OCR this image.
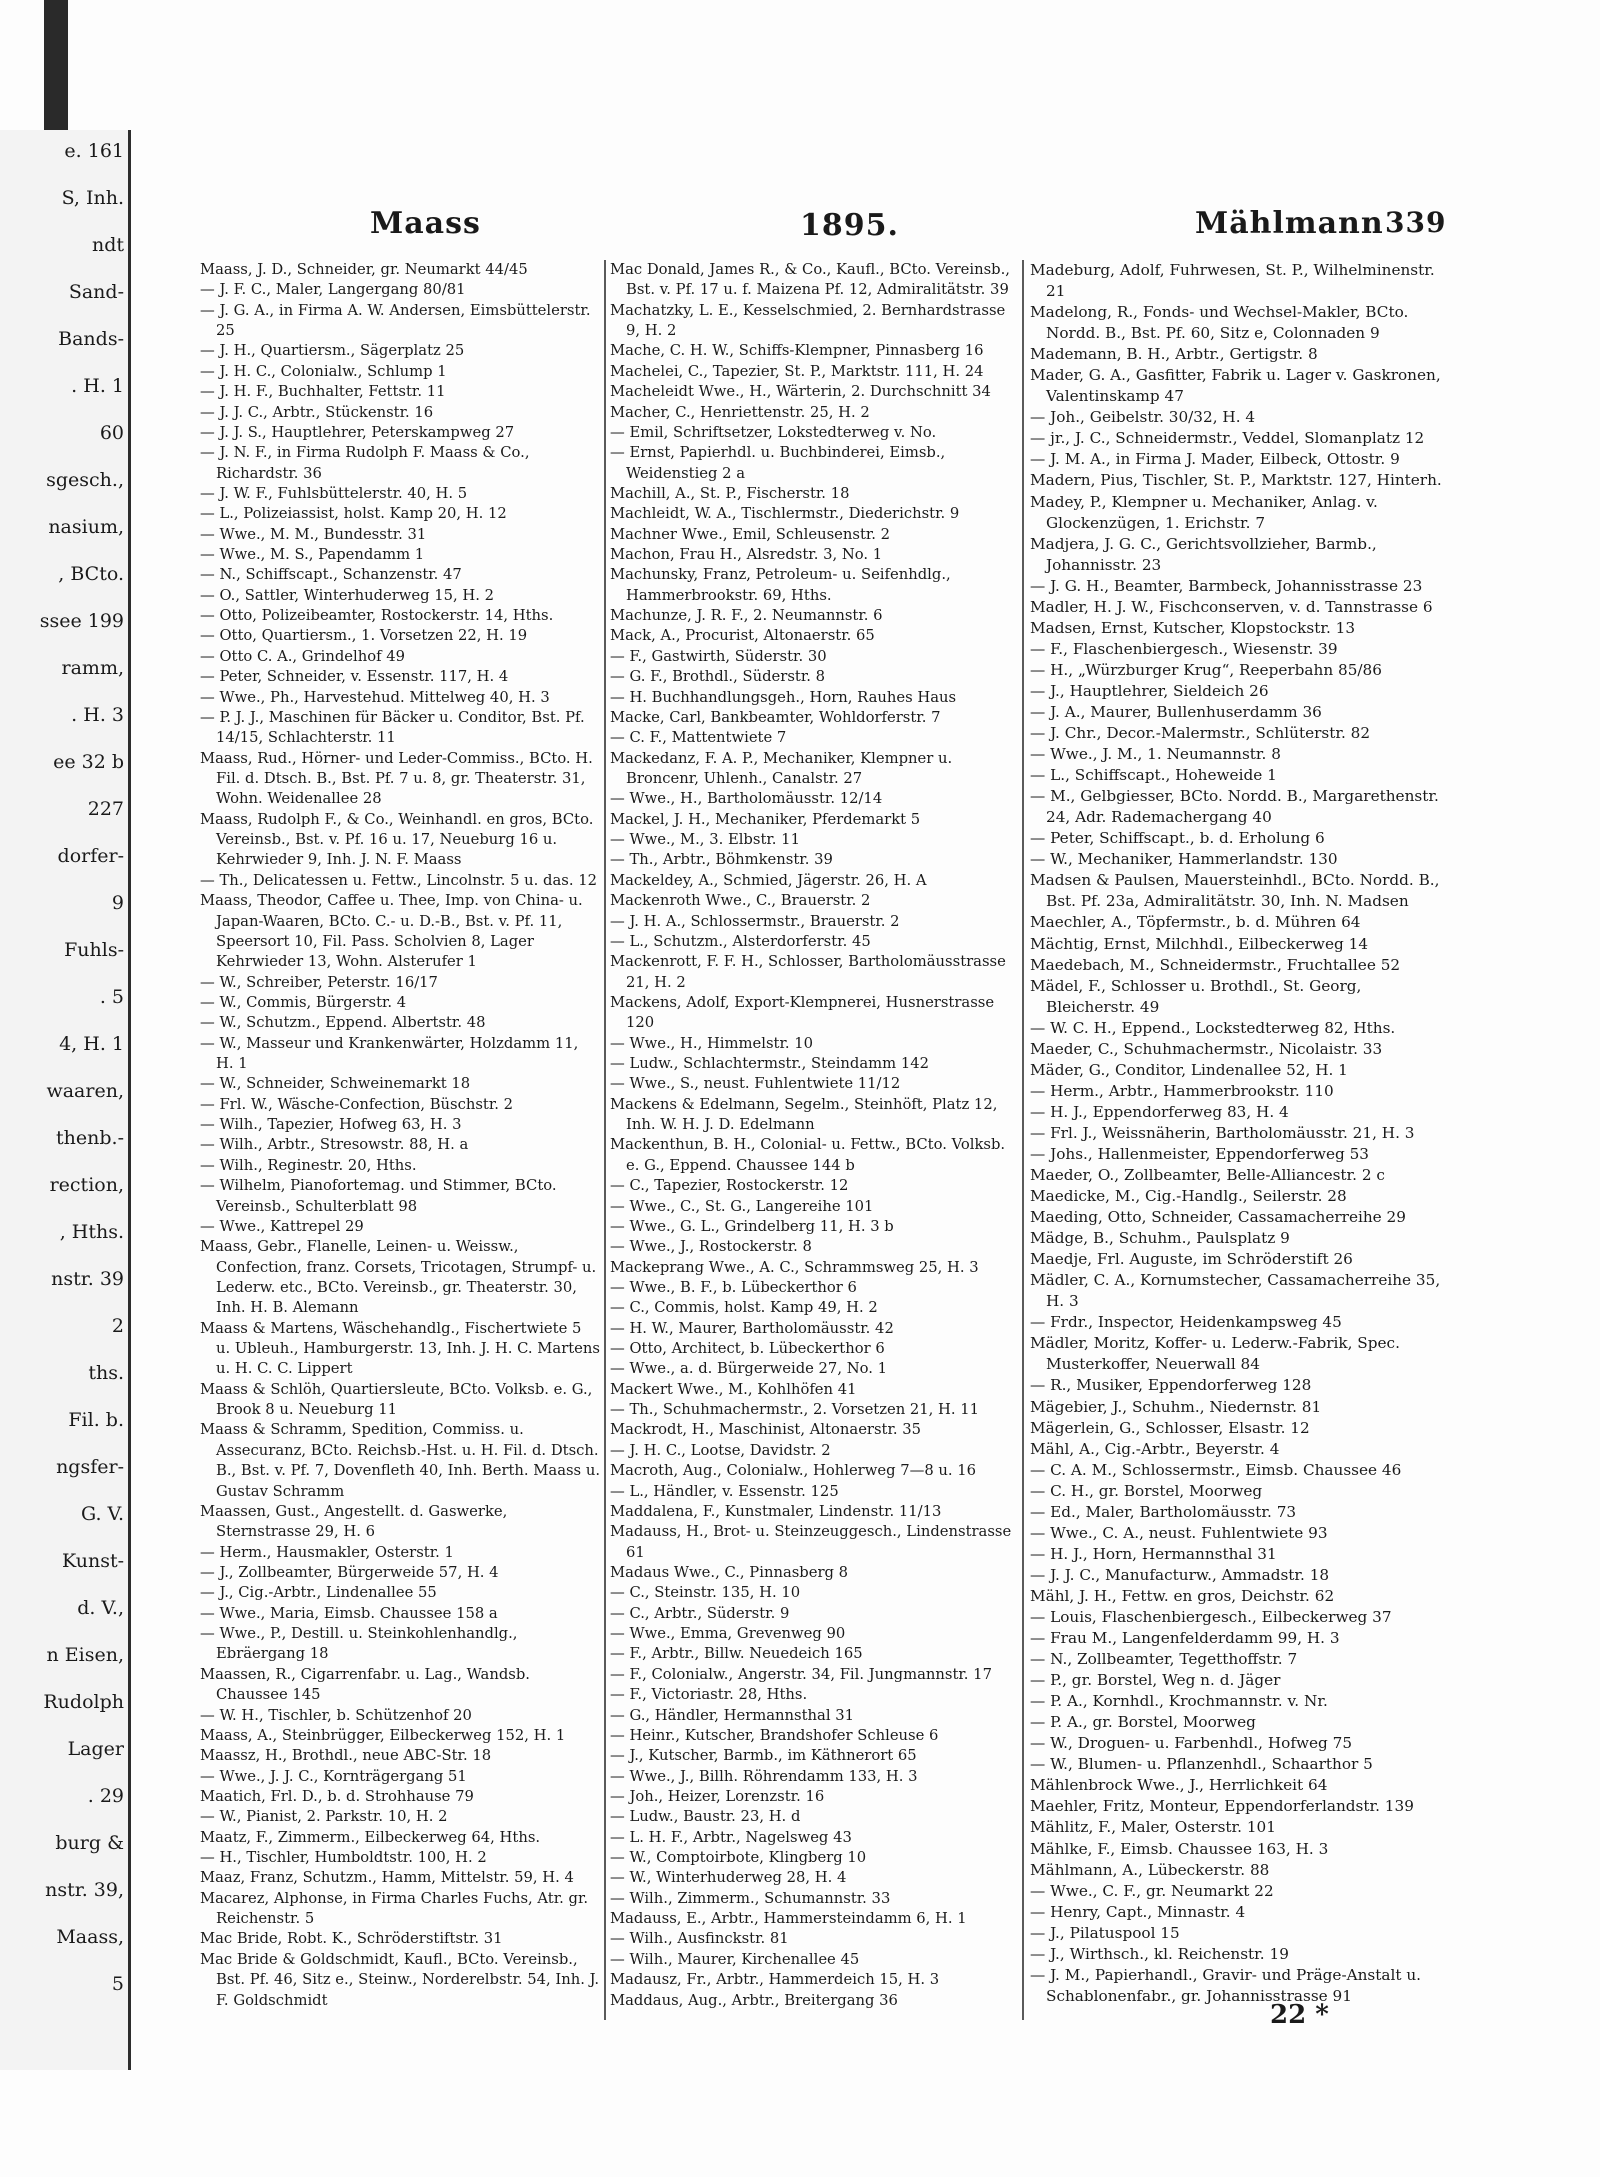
e. 161
S, Inh.
ndt
Sand-
Bands-
. H. 1
60
sgesch.,
nasium,
, BCto.
ssee 199
ramm,
. H. 3
ee 32 b
227
dorfer-
9
Fuhls-
. 5
4, H. 1
waaren,
thenb.-
rection,
, Hths.
nstr. 39
2
ths.
Fil. b.
ngsfer-
G. V.
Kunst-
d. V.,
n Eisen,
Rudolph
Lager
. 29
burg &
nstr. 39,
Maass,
5
Maass	1895.	Mählmann 339
Maass, J. D., Schneider, gr. Neumarkt 44/45
— J. F. C., Maler, Langergang 80/81
— J. G. A., in Firma A. W. Andersen, Eimsbüttelerstr. 25
— J. H., Quartiersm., Sägerplatz 25
— J. H. C., Colonialw., Schlump 1
— J. H. F., Buchhalter, Fettstr. 11
— J. J. C., Arbtr., Stückenstr. 16
— J. J. S., Hauptlehrer, Peterskampweg 27
— J. N. F., in Firma Rudolph F. Maass & Co., Richardstr. 36
— J. W. F., Fuhlsbüttelerstr. 40, H. 5
— L., Polizeiassist, holst. Kamp 20, H. 12
— Wwe., M. M., Bundesstr. 31
— Wwe., M. S., Papendamm 1
— N., Schiffscapt., Schanzenstr. 47
— O., Sattler, Winterhuderweg 15, H. 2
— Otto, Polizeibeamter, Rostockerstr. 14, Hths.
— Otto, Quartiersm., 1. Vorsetzen 22, H. 19
— Otto C. A., Grindelhof 49
— Peter, Schneider, v. Essenstr. 117, H. 4
— Wwe., Ph., Harvestehud. Mittelweg 40, H. 3
— P. J. J., Maschinen für Bäcker u. Conditor, Bst. Pf. 14/15, Schlachterstr. 11
Maass, Rud., Hörner- und Leder-Commiss., BCto. H. Fil. d. Dtsch. B., Bst. Pf. 7 u. 8, gr. Theaterstr. 31, Wohn. Weidenallee 28
Maass, Rudolph F., & Co., Weinhandl. en gros, BCto. Vereinsb., Bst. v. Pf. 16 u. 17, Neueburg 16 u. Kehrwieder 9, Inh. J. N. F. Maass
— Th., Delicatessen u. Fettw., Lincolnstr. 5 u. das. 12
Maass, Theodor, Caffee u. Thee, Imp. von China- u. Japan-Waaren, BCto. C.- u. D.-B., Bst. v. Pf. 11, Speersort 10, Fil. Pass. Scholvien 8, Lager Kehrwieder 13, Wohn. Alsterufer 1
— W., Schreiber, Peterstr. 16/17
— W., Commis, Bürgerstr. 4
— W., Schutzm., Eppend. Albertstr. 48
— W., Masseur und Krankenwärter, Holzdamm 11, H. 1
— W., Schneider, Schweinemarkt 18
— Frl. W., Wäsche-Confection, Büschstr. 2
— Wilh., Tapezier, Hofweg 63, H. 3
— Wilh., Arbtr., Stresowstr. 88, H. a
— Wilh., Reginestr. 20, Hths.
— Wilhelm, Pianofortemag. und Stimmer, BCto. Vereinsb., Schulterblatt 98
— Wwe., Kattrepel 29
Maass, Gebr., Flanelle, Leinen- u. Weissw., Confection, franz. Corsets, Tricotagen, Strumpf- u. Lederw. etc., BCto. Vereinsb., gr. Theaterstr. 30, Inh. H. B. Alemann
Maass & Martens, Wäschehandlg., Fischertwiete 5 u. Ubleuh., Hamburgerstr. 13, Inh. J. H. C. Martens u. H. C. C. Lippert
Maass & Schlöh, Quartiersleute, BCto. Volksb. e. G., Brook 8 u. Neueburg 11
Maass & Schramm, Spedition, Commiss. u. Assecuranz, BCto. Reichsb.-Hst. u. H. Fil. d. Dtsch. B., Bst. v. Pf. 7, Dovenfleth 40, Inh. Berth. Maass u. Gustav Schramm
Maassen, Gust., Angestellt. d. Gaswerke, Sternstrasse 29, H. 6
— Herm., Hausmakler, Osterstr. 1
— J., Zollbeamter, Bürgerweide 57, H. 4
— J., Cig.-Arbtr., Lindenallee 55
— Wwe., Maria, Eimsb. Chaussee 158 a
— Wwe., P., Destill. u. Steinkohlenhandlg., Ebräergang 18
Maassen, R., Cigarrenfabr. u. Lag., Wandsb. Chaussee 145
— W. H., Tischler, b. Schützenhof 20
Maass, A., Steinbrügger, Eilbeckerweg 152, H. 1
Maassz, H., Brothdl., neue ABC-Str. 18
— Wwe., J. J. C., Kornträgergang 51
Maatich, Frl. D., b. d. Strohhause 79
— W., Pianist, 2. Parkstr. 10, H. 2
Maatz, F., Zimmerm., Eilbeckerweg 64, Hths.
— H., Tischler, Humboldtstr. 100, H. 2
Maaz, Franz, Schutzm., Hamm, Mittelstr. 59, H. 4
Macarez, Alphonse, in Firma Charles Fuchs, Atr. gr. Reichenstr. 5
Mac Bride, Robt. K., Schröderstiftstr. 31
Mac Bride & Goldschmidt, Kaufl., BCto. Vereinsb., Bst. Pf. 46, Sitz e., Steinw., Norderelbstr. 54, Inh. J. F. Goldschmidt
Mac Donald, James R., & Co., Kaufl., BCto. Vereinsb., Bst. v. Pf. 17 u. f. Maizena Pf. 12, Admiralitätstr. 39
Machatzky, L. E., Kesselschmied, 2. Bernhardstrasse 9, H. 2
Mache, C. H. W., Schiffs-Klempner, Pinnasberg 16
Machelei, C., Tapezier, St. P., Marktstr. 111, H. 24
Macheleidt Wwe., H., Wärterin, 2. Durchschnitt 34
Macher, C., Henriettenstr. 25, H. 2
— Emil, Schriftsetzer, Lokstedterweg v. No.
— Ernst, Papierhdl. u. Buchbinderei, Eimsb., Weidenstieg 2 a
Machill, A., St. P., Fischerstr. 18
Machleidt, W. A., Tischlermstr., Diederichstr. 9
Machner Wwe., Emil, Schleusenstr. 2
Machon, Frau H., Alsredstr. 3, No. 1
Machunsky, Franz, Petroleum- u. Seifenhdlg., Hammerbrookstr. 69, Hths.
Machunze, J. R. F., 2. Neumannstr. 6
Mack, A., Procurist, Altonaerstr. 65
— F., Gastwirth, Süderstr. 30
— G. F., Brothdl., Süderstr. 8
— H. Buchhandlungsgeh., Horn, Rauhes Haus
Macke, Carl, Bankbeamter, Wohldorferstr. 7
— C. F., Mattentwiete 7
Mackedanz, F. A. P., Mechaniker, Klempner u. Broncenr, Uhlenh., Canalstr. 27
— Wwe., H., Bartholomäusstr. 12/14
Mackel, J. H., Mechaniker, Pferdemarkt 5
— Wwe., M., 3. Elbstr. 11
— Th., Arbtr., Böhmkenstr. 39
Mackeldey, A., Schmied, Jägerstr. 26, H. A
Mackenroth Wwe., C., Brauerstr. 2
— J. H. A., Schlossermstr., Brauerstr. 2
— L., Schutzm., Alsterdorferstr. 45
Mackenrott, F. F. H., Schlosser, Bartholomäusstrasse 21, H. 2
Mackens, Adolf, Export-Klempnerei, Husnerstrasse 120
— Wwe., H., Himmelstr. 10
— Ludw., Schlachtermstr., Steindamm 142
— Wwe., S., neust. Fuhlentwiete 11/12
Mackens & Edelmann, Segelm., Steinhöft, Platz 12, Inh. W. H. J. D. Edelmann
Mackenthun, B. H., Colonial- u. Fettw., BCto. Volksb. e. G., Eppend. Chaussee 144 b
— C., Tapezier, Rostockerstr. 12
— Wwe., C., St. G., Langereihe 101
— Wwe., G. L., Grindelberg 11, H. 3 b
— Wwe., J., Rostockerstr. 8
Mackeprang Wwe., A. C., Schrammsweg 25, H. 3
— Wwe., B. F., b. Lübeckerthor 6
— C., Commis, holst. Kamp 49, H. 2
— H. W., Maurer, Bartholomäusstr. 42
— Otto, Architect, b. Lübeckerthor 6
— Wwe., a. d. Bürgerweide 27, No. 1
Mackert Wwe., M., Kohlhöfen 41
— Th., Schuhmachermstr., 2. Vorsetzen 21, H. 11
Mackrodt, H., Maschinist, Altonaerstr. 35
— J. H. C., Lootse, Davidstr. 2
Macroth, Aug., Colonialw., Hohlerweg 7—8 u. 16
— L., Händler, v. Essenstr. 125
Maddalena, F., Kunstmaler, Lindenstr. 11/13
Madauss, H., Brot- u. Steinzeuggesch., Lindenstrasse 61
Madaus Wwe., C., Pinnasberg 8
— C., Steinstr. 135, H. 10
— C., Arbtr., Süderstr. 9
— Wwe., Emma, Grevenweg 90
— F., Arbtr., Billw. Neuedeich 165
— F., Colonialw., Angerstr. 34, Fil. Jungmannstr. 17
— F., Victoriastr. 28, Hths.
— G., Händler, Hermannsthal 31
— Heinr., Kutscher, Brandshofer Schleuse 6
— J., Kutscher, Barmb., im Käthnerort 65
— Wwe., J., Billh. Röhrendamm 133, H. 3
— Joh., Heizer, Lorenzstr. 16
— Ludw., Baustr. 23, H. d
— L. H. F., Arbtr., Nagelsweg 43
— W., Comptoirbote, Klingberg 10
— W., Winterhuderweg 28, H. 4
— Wilh., Zimmerm., Schumannstr. 33
Madauss, E., Arbtr., Hammersteindamm 6, H. 1
— Wilh., Ausfinckstr. 81
— Wilh., Maurer, Kirchenallee 45
Madausz, Fr., Arbtr., Hammerdeich 15, H. 3
Maddaus, Aug., Arbtr., Breitergang 36
Madeburg, Adolf, Fuhrwesen, St. P., Wilhelminenstr. 21
Madelong, R., Fonds- und Wechsel-Makler, BCto. Nordd. B., Bst. Pf. 60, Sitz e, Colonnaden 9
Mademann, B. H., Arbtr., Gertigstr. 8
Mader, G. A., Gasfitter, Fabrik u. Lager v. Gaskronen, Valentinskamp 47
— Joh., Geibelstr. 30/32, H. 4
— jr., J. C., Schneidermstr., Veddel, Slomanplatz 12
— J. M. A., in Firma J. Mader, Eilbeck, Ottostr. 9
Madern, Pius, Tischler, St. P., Marktstr. 127, Hinterh.
Madey, P., Klempner u. Mechaniker, Anlag. v. Glockenzügen, 1. Erichstr. 7
Madjera, J. G. C., Gerichtsvollzieher, Barmb., Johannisstr. 23
— J. G. H., Beamter, Barmbeck, Johannisstrasse 23
Madler, H. J. W., Fischconserven, v. d. Tannstrasse 6
Madsen, Ernst, Kutscher, Klopstockstr. 13
— F., Flaschenbiergesch., Wiesenstr. 39
— H., „Würzburger Krug“, Reeperbahn 85/86
— J., Hauptlehrer, Sieldeich 26
— J. A., Maurer, Bullenhuserdamm 36
— J. Chr., Decor.-Malermstr., Schlüterstr. 82
— Wwe., J. M., 1. Neumannstr. 8
— L., Schiffscapt., Hoheweide 1
— M., Gelbgiesser, BCto. Nordd. B., Margarethenstr. 24, Adr. Rademachergang 40
— Peter, Schiffscapt., b. d. Erholung 6
— W., Mechaniker, Hammerlandstr. 130
Madsen & Paulsen, Mauersteinhdl., BCto. Nordd. B., Bst. Pf. 23a, Admiralitätstr. 30, Inh. N. Madsen
Maechler, A., Töpfermstr., b. d. Mühren 64
Mächtig, Ernst, Milchhdl., Eilbeckerweg 14
Maedebach, M., Schneidermstr., Fruchtallee 52
Mädel, F., Schlosser u. Brothdl., St. Georg, Bleicherstr. 49
— W. C. H., Eppend., Lockstedterweg 82, Hths.
Maeder, C., Schuhmachermstr., Nicolaistr. 33
Mäder, G., Conditor, Lindenallee 52, H. 1
— Herm., Arbtr., Hammerbrookstr. 110
— H. J., Eppendorferweg 83, H. 4
— Frl. J., Weissnäherin, Bartholomäusstr. 21, H. 3
— Johs., Hallenmeister, Eppendorferweg 53
Maeder, O., Zollbeamter, Belle-Alliancestr. 2 c
Maedicke, M., Cig.-Handlg., Seilerstr. 28
Maeding, Otto, Schneider, Cassamacherreihe 29
Mädge, B., Schuhm., Paulsplatz 9
Maedje, Frl. Auguste, im Schröderstift 26
Mädler, C. A., Kornumstecher, Cassamacherreihe 35, H. 3
— Frdr., Inspector, Heidenkampsweg 45
Mädler, Moritz, Koffer- u. Lederw.-Fabrik, Spec. Musterkoffer, Neuerwall 84
— R., Musiker, Eppendorferweg 128
Mägebier, J., Schuhm., Niedernstr. 81
Mägerlein, G., Schlosser, Elsastr. 12
Mähl, A., Cig.-Arbtr., Beyerstr. 4
— C. A. M., Schlossermstr., Eimsb. Chaussee 46
— C. H., gr. Borstel, Moorweg
— Ed., Maler, Bartholomäusstr. 73
— Wwe., C. A., neust. Fuhlentwiete 93
— H. J., Horn, Hermannsthal 31
— J. J. C., Manufacturw., Ammadstr. 18
Mähl, J. H., Fettw. en gros, Deichstr. 62
— Louis, Flaschenbiergesch., Eilbeckerweg 37
— Frau M., Langenfelderdamm 99, H. 3
— N., Zollbeamter, Tegetthoffstr. 7
— P., gr. Borstel, Weg n. d. Jäger
— P. A., Kornhdl., Krochmannstr. v. Nr.
— P. A., gr. Borstel, Moorweg
— W., Droguen- u. Farbenhdl., Hofweg 75
— W., Blumen- u. Pflanzenhdl., Schaarthor 5
Mählenbrock Wwe., J., Herrlichkeit 64
Maehler, Fritz, Monteur, Eppendorferlandstr. 139
Mählitz, F., Maler, Osterstr. 101
Mählke, F., Eimsb. Chaussee 163, H. 3
Mählmann, A., Lübeckerstr. 88
— Wwe., C. F., gr. Neumarkt 22
— Henry, Capt., Minnastr. 4
— J., Pilatuspool 15
— J., Wirthsch., kl. Reichenstr. 19
— J. M., Papierhandl., Gravir- und Präge-Anstalt u. Schablonenfabr., gr. Johannisstrasse 91
22 *
